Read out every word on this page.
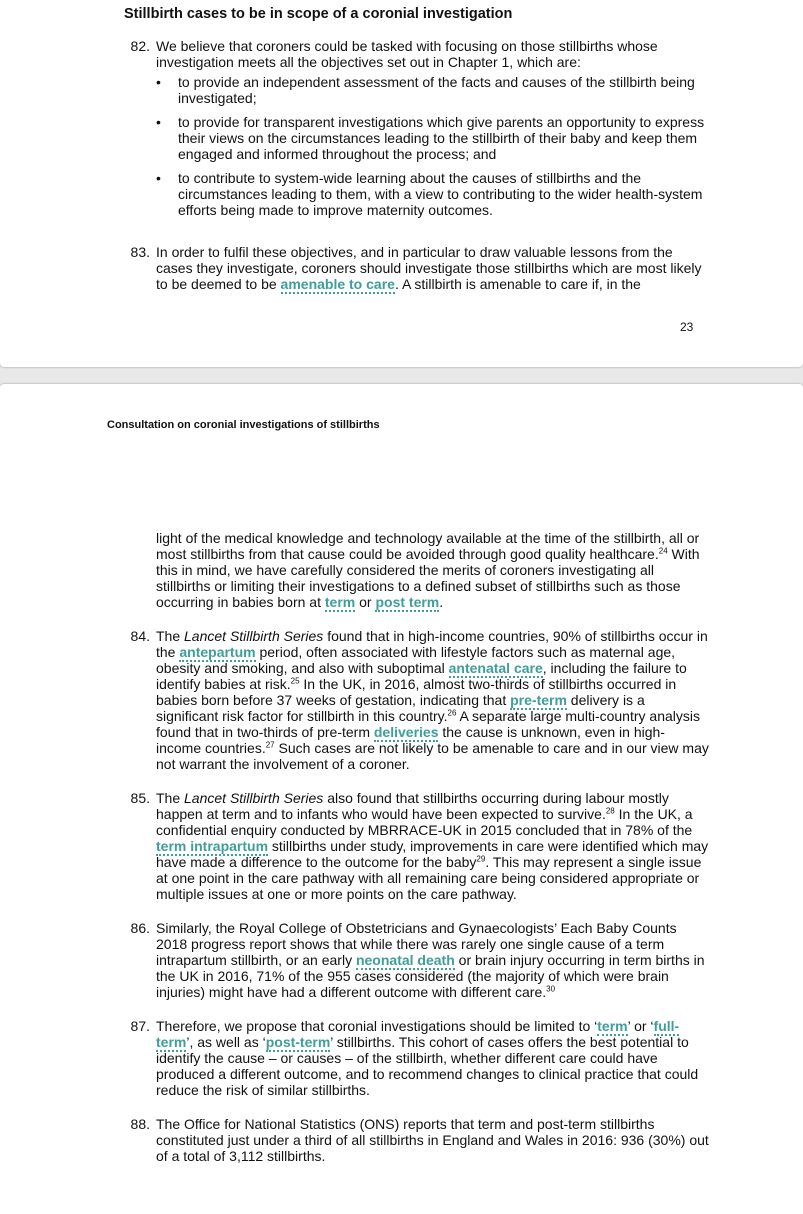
Stillbirth cases to be in scope of a coronial investigation
82. We believe that coroners could be tasked with focusing on those stillbirths whose investigation meets all the objectives set out in Chapter 1, which are:
• to provide an independent assessment of the facts and causes of the stillbirth being investigated;
• to provide for transparent investigations which give parents an opportunity to express their views on the circumstances leading to the stillbirth of their baby and keep them engaged and informed throughout the process; and
• to contribute to system-wide learning about the causes of stillbirths and the circumstances leading to them, with a view to contributing to the wider health-system efforts being made to improve maternity outcomes.
83. In order to fulfil these objectives, and in particular to draw valuable lessons from the cases they investigate, coroners should investigate those stillbirths which are most likely to be deemed to be amenable to care. A stillbirth is amenable to care if, in the
23
Consultation on coronial investigations of stillbirths
light of the medical knowledge and technology available at the time of the stillbirth, all or most stillbirths from that cause could be avoided through good quality healthcare.$^{24}$ With this in mind, we have carefully considered the merits of coroners investigating all stillbirths or limiting their investigations to a defined subset of stillbirths such as those occurring in babies born at term or post term.
84. The Lancet Stillbirth Series found that in high-income countries, 90% of stillbirths occur in the antepartum period, often associated with lifestyle factors such as maternal age, obesity and smoking, and also with suboptimal antenatal care, including the failure to identify babies at risk.$^{25}$ In the UK, in 2016, almost two-thirds of stillbirths occurred in babies born before 37 weeks of gestation, indicating that pre-term delivery is a significant risk factor for stillbirth in this country.$^{26}$ A separate large multi-country analysis found that in two-thirds of pre-term deliveries the cause is unknown, even in high-income countries.$^{27}$ Such cases are not likely to be amenable to care and in our view may not warrant the involvement of a coroner.
85. The Lancet Stillbirth Series also found that stillbirths occurring during labour mostly happen at term and to infants who would have been expected to survive.$^{28}$ In the UK, a confidential enquiry conducted by MBRRACE-UK in 2015 concluded that in 78% of the term intrapartum stillbirths under study, improvements in care were identified which may have made a difference to the outcome for the baby$^{29}$. This may represent a single issue at one point in the care pathway with all remaining care being considered appropriate or multiple issues at one or more points on the care pathway.
86. Similarly, the Royal College of Obstetricians and Gynaecologists’ Each Baby Counts 2018 progress report shows that while there was rarely one single cause of a term intrapartum stillbirth, or an early neonatal death or brain injury occurring in term births in the UK in 2016, 71% of the 955 cases considered (the majority of which were brain injuries) might have had a different outcome with different care.$^{30}$
87. Therefore, we propose that coronial investigations should be limited to ‘term’ or ‘full-term’, as well as ‘post-term’ stillbirths. This cohort of cases offers the best potential to identify the cause – or causes – of the stillbirth, whether different care could have produced a different outcome, and to recommend changes to clinical practice that could reduce the risk of similar stillbirths.
88. The Office for National Statistics (ONS) reports that term and post-term stillbirths constituted just under a third of all stillbirths in England and Wales in 2016: 936 (30%) out of a total of 3,112 stillbirths.
